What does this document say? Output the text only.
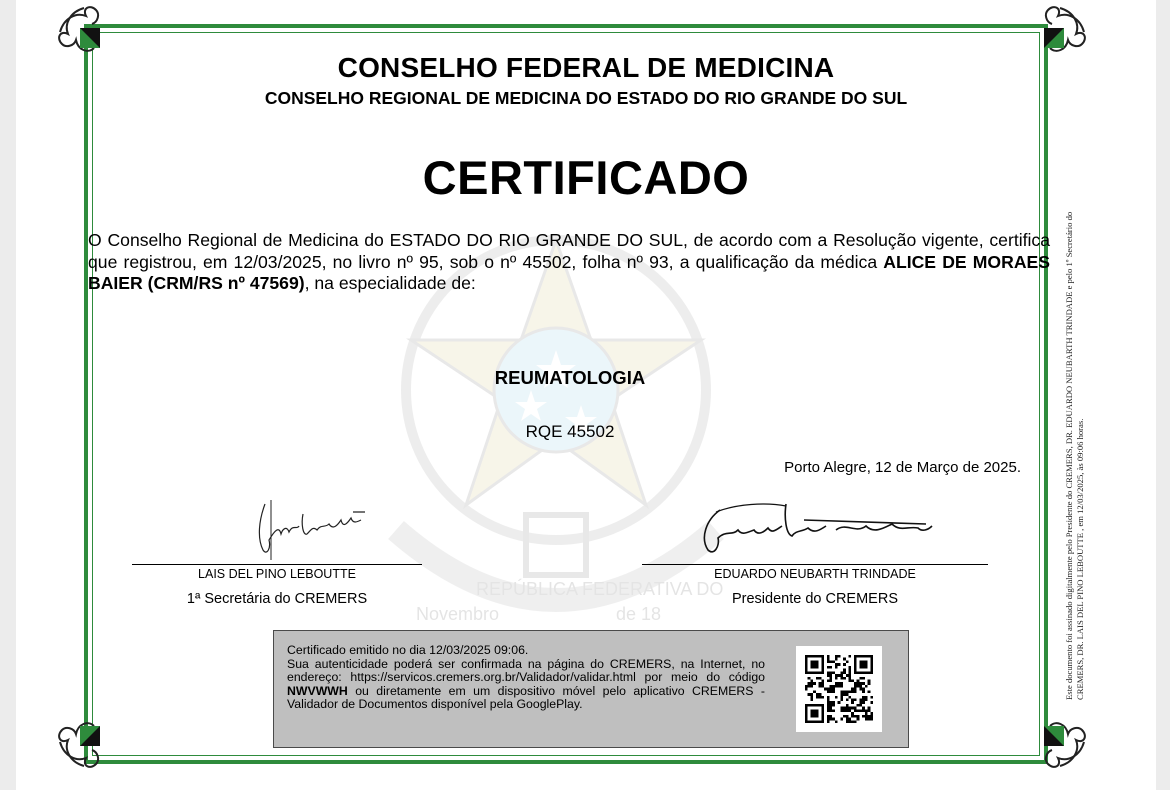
REPÚBLICA FEDERATIVA DO
Novembro	de 18
CONSELHO FEDERAL DE MEDICINA
CONSELHO REGIONAL DE MEDICINA DO ESTADO DO RIO GRANDE DO SUL
CERTIFICADO
O Conselho Regional de Medicina do ESTADO DO RIO GRANDE DO SUL, de acordo com a Resolução vigente, certifica que registrou, em 12/03/2025, no livro nº 95, sob o nº 45502, folha nº 93, a qualificação da médica ALICE DE MORAES BAIER (CRM/RS nº 47569), na especialidade de:
REUMATOLOGIA
RQE 45502
Porto Alegre, 12 de Março de 2025.
LAIS DEL PINO LEBOUTTE
1ª Secretária do CREMERS
EDUARDO NEUBARTH TRINDADE
Presidente do CREMERS

Certificado emitido no dia 12/03/2025 09:06.

Sua autenticidade poderá ser confirmada na página do CREMERS, na Internet, no endereço: https://servicos.cremers.org.br/Validador/validar.html por meio do código NWVWWH ou diretamente em um dispositivo móvel pelo aplicativo CREMERS - Validador de Documentos disponível pela GooglePlay.

Este documento foi assinado digitalmente pelo Presidente do CREMERS, DR. EDUARDO NEUBARTH TRINDADE e pelo 1º Secretário do CREMERS, DR. LAIS DEL PINO LEBOUTTE , em 12/03/2025, às 09:06 horas.
